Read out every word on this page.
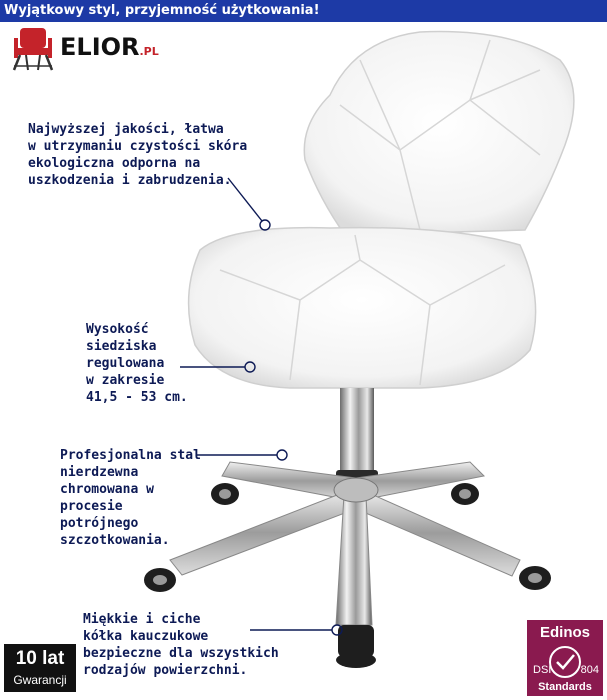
Wyjątkowy styl, przyjemność użytkowania!
ELIOR.PL
Najwyższej jakości, łatwa
w utrzymaniu czystości skóra
ekologiczna odporna na
uszkodzenia i zabrudzenia.
Wysokość
siedziska
regulowana
w zakresie
41,5 - 53 cm.
Profesjonalna stal
nierdzewna
chromowana w
procesie
potrójnego
szczotkowania.
Miękkie i ciche
kółka kauczukowe
bezpieczne dla wszystkich
rodzajów powierzchni.
10 lat
Gwarancji
Edinos
DSI	804
Standards
